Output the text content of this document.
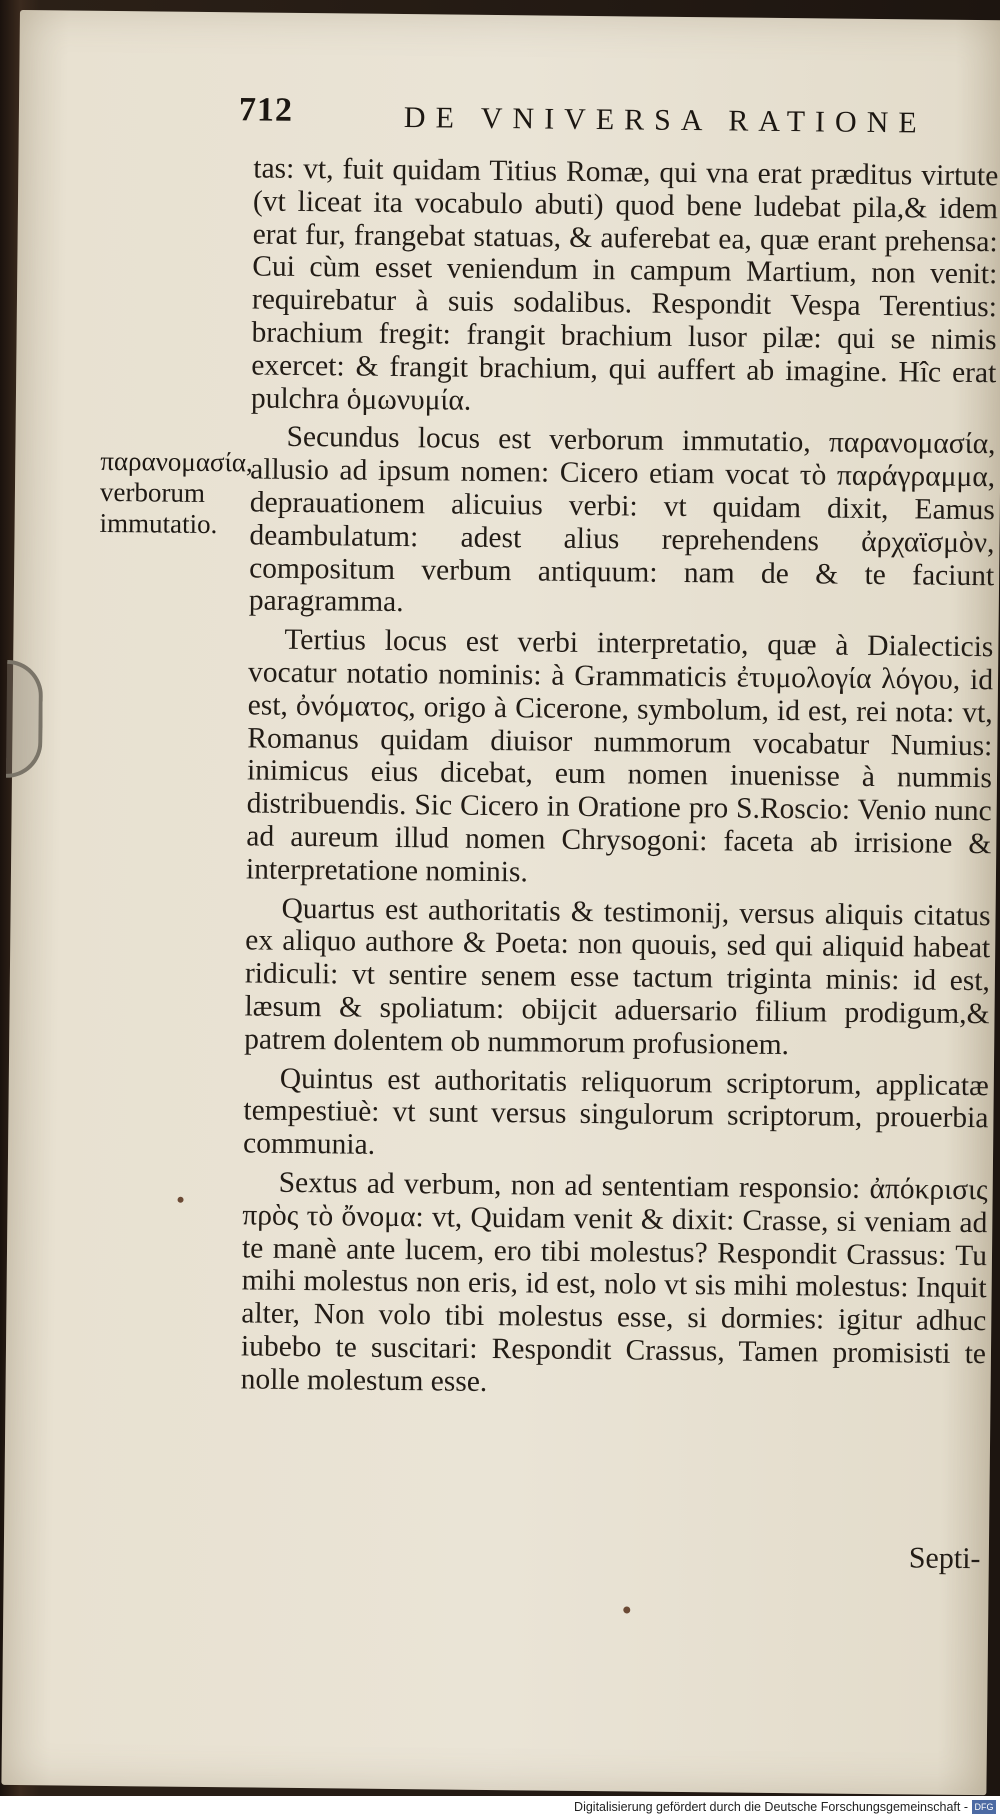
712	DE VNIVERSA RATIONE
παρανομασία, verborum immutatio.

tas: vt, fuit quidam Titius Romæ, qui vna erat præditus virtute (vt liceat ita vocabulo abuti) quod bene ludebat pila,& idem erat fur, frangebat statuas, & auferebat ea, quæ erant prehensa: Cui cùm esset veniendum in campum Martium, non venit: requirebatur à suis sodalibus. Respondit Vespa Terentius: brachium fregit: frangit brachium lusor pilæ: qui se nimis exercet: & frangit brachium, qui auffert ab imagine. Hîc erat pulchra ὁμωνυμία.

Secundus locus est verborum immutatio, παρανομασία, allusio ad ipsum nomen: Cicero etiam vocat τὸ παράγραμμα, deprauationem alicuius verbi: vt quidam dixit, Eamus deambulatum: adest alius reprehendens ἀρχαϊσμὸν, compositum verbum antiquum: nam de & te faciunt paragramma.

Tertius locus est verbi interpretatio, quæ à Dialecticis vocatur notatio nominis: à Grammaticis ἐτυμολογία λόγου, id est, ὀνόματος, origo à Cicerone, symbolum, id est, rei nota: vt, Romanus quidam diuisor nummorum vocabatur Numius: inimicus eius dicebat, eum nomen inuenisse à nummis distribuendis. Sic Cicero in Oratione pro S.Roscio: Venio nunc ad aureum illud nomen Chrysogoni: faceta ab irrisione & interpretatione nominis.

Quartus est authoritatis & testimonij, versus aliquis citatus ex aliquo authore & Poeta: non quouis, sed qui aliquid habeat ridiculi: vt sentire senem esse tactum triginta minis: id est, læsum & spoliatum: obijcit aduersario filium prodigum,& patrem dolentem ob nummorum profusionem.

Quintus est authoritatis reliquorum scriptorum, applicatæ tempestiuè: vt sunt versus singulorum scriptorum, prouerbia communia.

Sextus ad verbum, non ad sententiam responsio: ἀπόκρισις πρὸς τὸ ὄνομα: vt, Quidam venit & dixit: Crasse, si veniam ad te manè ante lucem, ero tibi molestus? Respondit Crassus: Tu mihi molestus non eris, id est, nolo vt sis mihi molestus: Inquit alter, Non volo tibi molestus esse, si dormies: igitur adhuc iubebo te suscitari: Respondit Crassus, Tamen promisisti te nolle molestum esse.

Septi-
Digitalisierung gefördert durch die Deutsche Forschungsgemeinschaft - DFG
